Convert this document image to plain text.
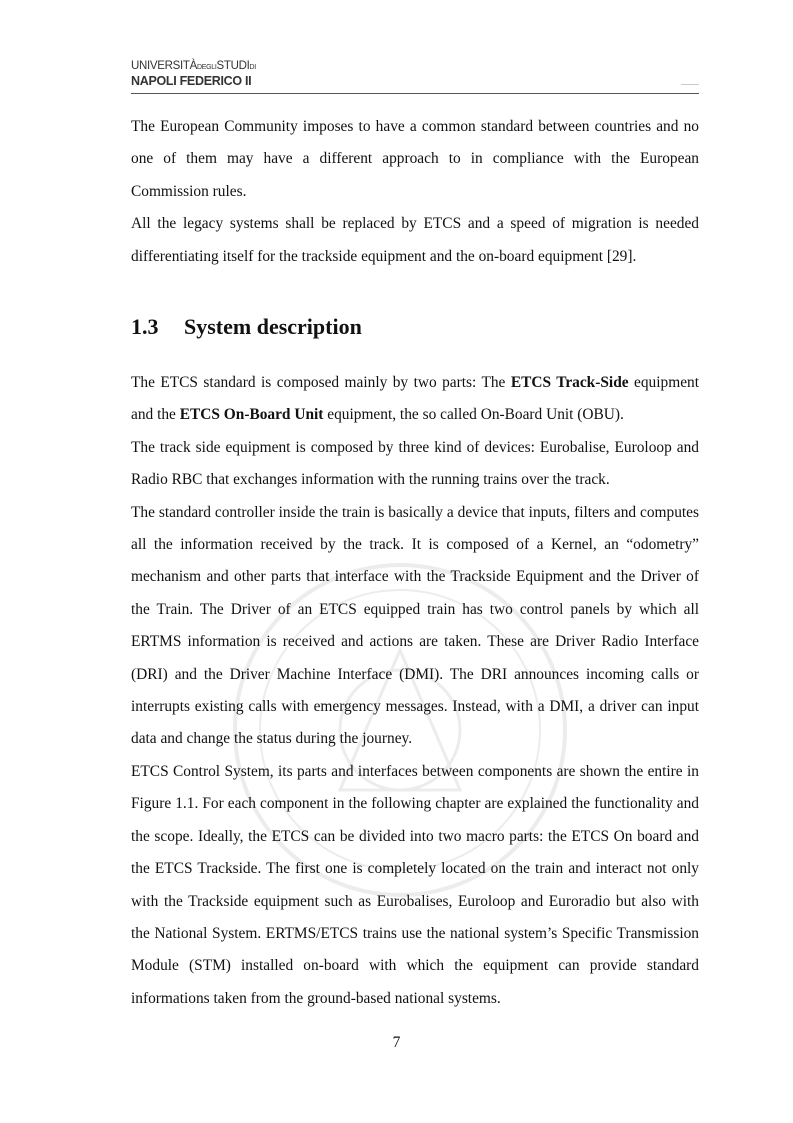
UNIVERSITÀDEGLISTUDIDI
NAPOLI FEDERICO II	———

The European Community imposes to have a common standard between countries and no one of them may have a different approach to in compliance with the European Commission rules.

All the legacy systems shall be replaced by ETCS and a speed of migration is needed differentiating itself for the trackside equipment and the on-board equipment [29].

1.3 System description

The ETCS standard is composed mainly by two parts: The ETCS Track-Side equipment and the ETCS On-Board Unit equipment, the so called On-Board Unit (OBU).

The track side equipment is composed by three kind of devices: Eurobalise, Euroloop and Radio RBC that exchanges information with the running trains over the track.

The standard controller inside the train is basically a device that inputs, filters and computes all the information received by the track. It is composed of a Kernel, an “odometry” mechanism and other parts that interface with the Trackside Equipment and the Driver of the Train. The Driver of an ETCS equipped train has two control panels by which all ERTMS information is received and actions are taken. These are Driver Radio Interface (DRI) and the Driver Machine Interface (DMI). The DRI announces incoming calls or interrupts existing calls with emergency messages. Instead, with a DMI, a driver can input data and change the status during the journey.

ETCS Control System, its parts and interfaces between components are shown the entire in Figure 1.1. For each component in the following chapter are explained the functionality and the scope. Ideally, the ETCS can be divided into two macro parts: the ETCS On board and the ETCS Trackside. The first one is completely located on the train and interact not only with the Trackside equipment such as Eurobalises, Euroloop and Euroradio but also with the National System. ERTMS/ETCS trains use the national system’s Specific Transmission Module (STM) installed on-board with which the equipment can provide standard informations taken from the ground-based national systems.

7
